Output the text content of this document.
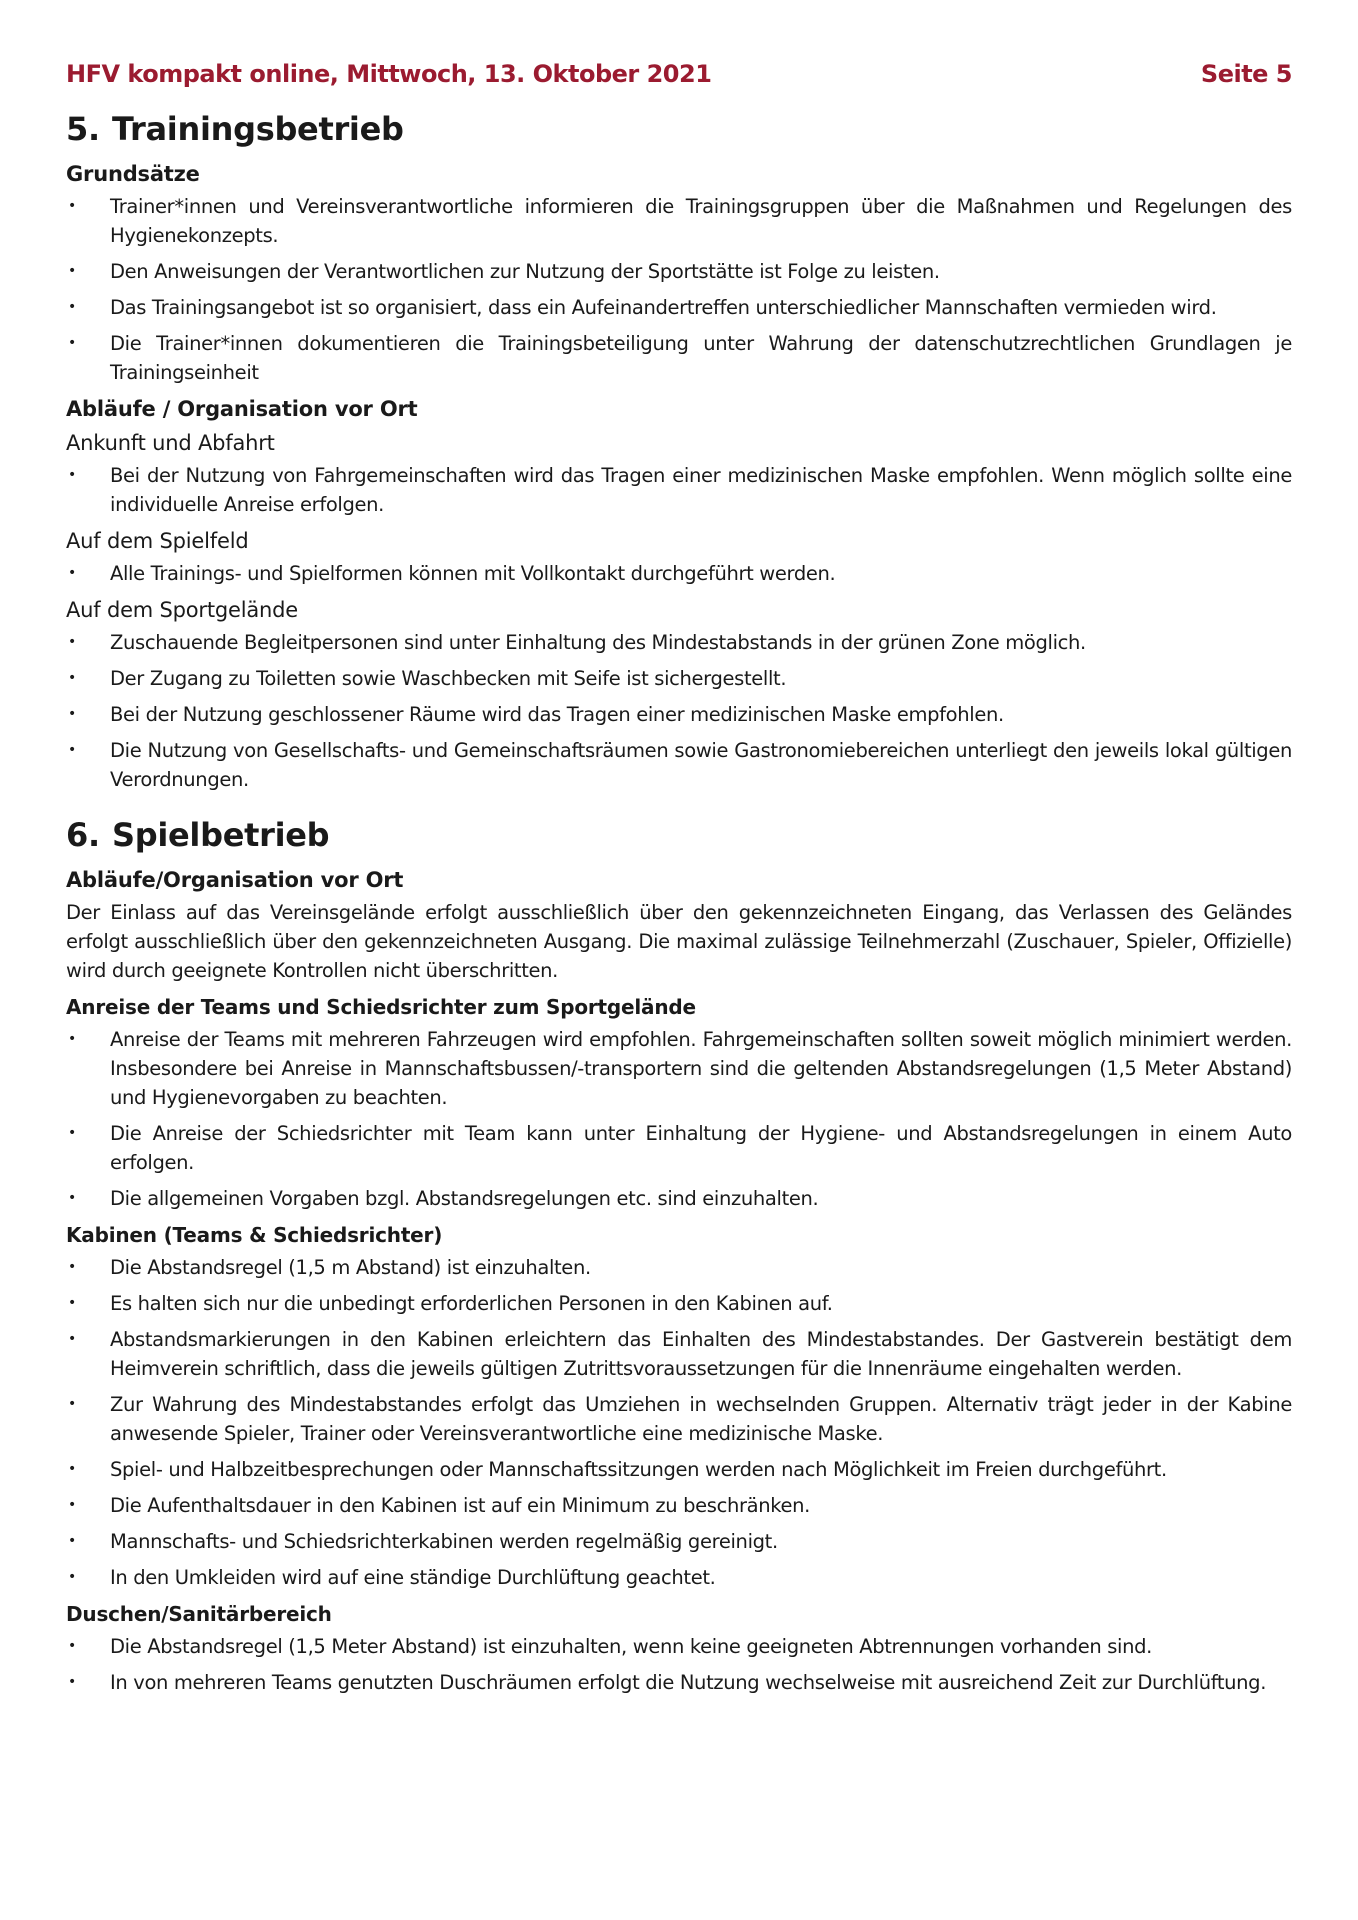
HFV kompakt online, Mittwoch, 13. Oktober 2021	Seite 5
5. Trainingsbetrieb
Grundsätze
• Trainer*innen und Vereinsverantwortliche informieren die Trainingsgruppen über die Maßnahmen und Regelungen des Hygienekonzepts.
• Den Anweisungen der Verantwortlichen zur Nutzung der Sportstätte ist Folge zu leisten.
• Das Trainingsangebot ist so organisiert, dass ein Aufeinandertreffen unterschiedlicher Mannschaften vermieden wird.
• Die Trainer*innen dokumentieren die Trainingsbeteiligung unter Wahrung der datenschutzrechtlichen Grundlagen je Trainingseinheit
Abläufe / Organisation vor Ort
Ankunft und Abfahrt
• Bei der Nutzung von Fahrgemeinschaften wird das Tragen einer medizinischen Maske empfohlen. Wenn möglich sollte eine individuelle Anreise erfolgen.
Auf dem Spielfeld
• Alle Trainings- und Spielformen können mit Vollkontakt durchgeführt werden.
Auf dem Sportgelände
• Zuschauende Begleitpersonen sind unter Einhaltung des Mindestabstands in der grünen Zone möglich.
• Der Zugang zu Toiletten sowie Waschbecken mit Seife ist sichergestellt.
• Bei der Nutzung geschlossener Räume wird das Tragen einer medizinischen Maske empfohlen.
• Die Nutzung von Gesellschafts- und Gemeinschaftsräumen sowie Gastronomiebereichen unterliegt den jeweils lokal gültigen Verordnungen.
6. Spielbetrieb
Abläufe/Organisation vor Ort

Der Einlass auf das Vereinsgelände erfolgt ausschließlich über den gekennzeichneten Eingang, das Verlassen des Geländes erfolgt ausschließlich über den gekennzeichneten Ausgang. Die maximal zulässige Teilnehmerzahl (Zuschauer, Spieler, Offizielle) wird durch geeignete Kontrollen nicht überschritten.

Anreise der Teams und Schiedsrichter zum Sportgelände
• Anreise der Teams mit mehreren Fahrzeugen wird empfohlen. Fahrgemeinschaften sollten soweit möglich minimiert werden. Insbesondere bei Anreise in Mannschaftsbussen/-transportern sind die geltenden Abstandsregelungen (1,5 Meter Abstand) und Hygienevorgaben zu beachten.
• Die Anreise der Schiedsrichter mit Team kann unter Einhaltung der Hygiene- und Abstandsregelungen in einem Auto erfolgen.
• Die allgemeinen Vorgaben bzgl. Abstandsregelungen etc. sind einzuhalten.
Kabinen (Teams & Schiedsrichter)
• Die Abstandsregel (1,5 m Abstand) ist einzuhalten.
• Es halten sich nur die unbedingt erforderlichen Personen in den Kabinen auf.
• Abstandsmarkierungen in den Kabinen erleichtern das Einhalten des Mindestabstandes. Der Gastverein bestätigt dem Heimverein schriftlich, dass die jeweils gültigen Zutrittsvoraussetzungen für die Innenräume eingehalten werden.
• Zur Wahrung des Mindestabstandes erfolgt das Umziehen in wechselnden Gruppen. Alternativ trägt jeder in der Kabine anwesende Spieler, Trainer oder Vereinsverantwortliche eine medizinische Maske.
• Spiel- und Halbzeitbesprechungen oder Mannschaftssitzungen werden nach Möglichkeit im Freien durchgeführt.
• Die Aufenthaltsdauer in den Kabinen ist auf ein Minimum zu beschränken.
• Mannschafts- und Schiedsrichterkabinen werden regelmäßig gereinigt.
• In den Umkleiden wird auf eine ständige Durchlüftung geachtet.
Duschen/Sanitärbereich
• Die Abstandsregel (1,5 Meter Abstand) ist einzuhalten, wenn keine geeigneten Abtrennungen vorhanden sind.
• In von mehreren Teams genutzten Duschräumen erfolgt die Nutzung wechselweise mit ausreichend Zeit zur Durchlüftung.
